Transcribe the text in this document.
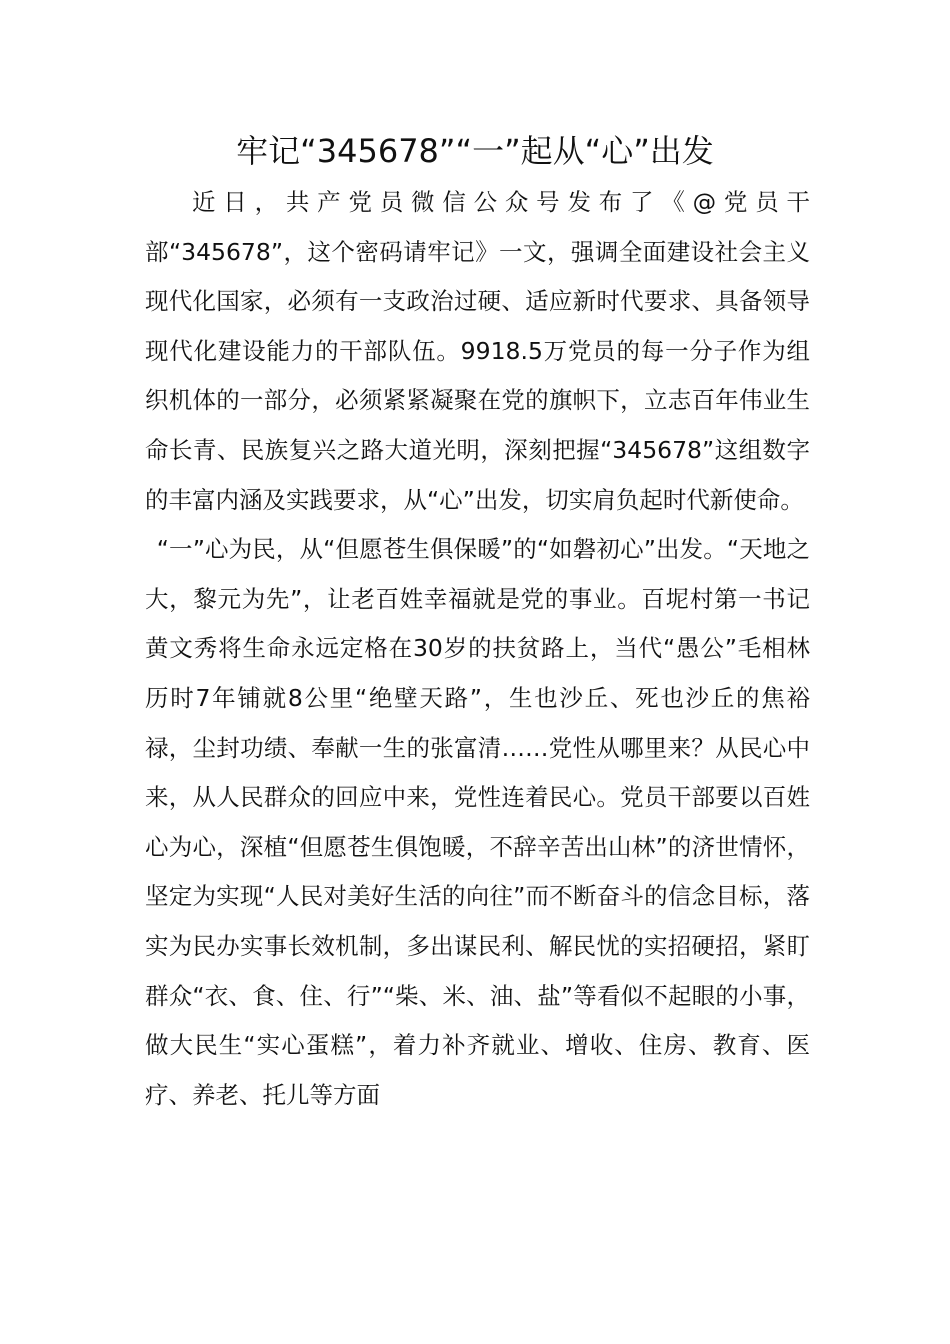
牢记“345678”“一”起从“心”出发

近日，共产党员微信公众号发布了《@党员干部“345678”，这个密码请牢记》一文，强调全面建设社会主义现代化国家，必须有一支政治过硬、适应新时代要求、具备领导现代化建设能力的干部队伍。9918.5万党员的每一分子作为组织机体的一部分，必须紧紧凝聚在党的旗帜下，立志百年伟业生命长青、民族复兴之路大道光明，深刻把握“345678”这组数字的丰富内涵及实践要求，从“心”出发，切实肩负起时代新使命。

“一”心为民，从“但愿苍生俱保暖”的“如磐初心”出发。“天地之大，黎元为先”，让老百姓幸福就是党的事业。百坭村第一书记黄文秀将生命永远定格在30岁的扶贫路上，当代“愚公”毛相林历时7年铺就8公里“绝壁天路”，生也沙丘、死也沙丘的焦裕禄，尘封功绩、奉献一生的张富清……党性从哪里来？从民心中来，从人民群众的回应中来，党性连着民心。党员干部要以百姓心为心，深植“但愿苍生俱饱暖，不辞辛苦出山林”的济世情怀，坚定为实现“人民对美好生活的向往”而不断奋斗的信念目标，落实为民办实事长效机制，多出谋民利、解民忧的实招硬招，紧盯群众“衣、食、住、行”“柴、米、油、盐”等看似不起眼的小事，做大民生“实心蛋糕”，着力补齐就业、增收、住房、教育、医疗、养老、托儿等方面
